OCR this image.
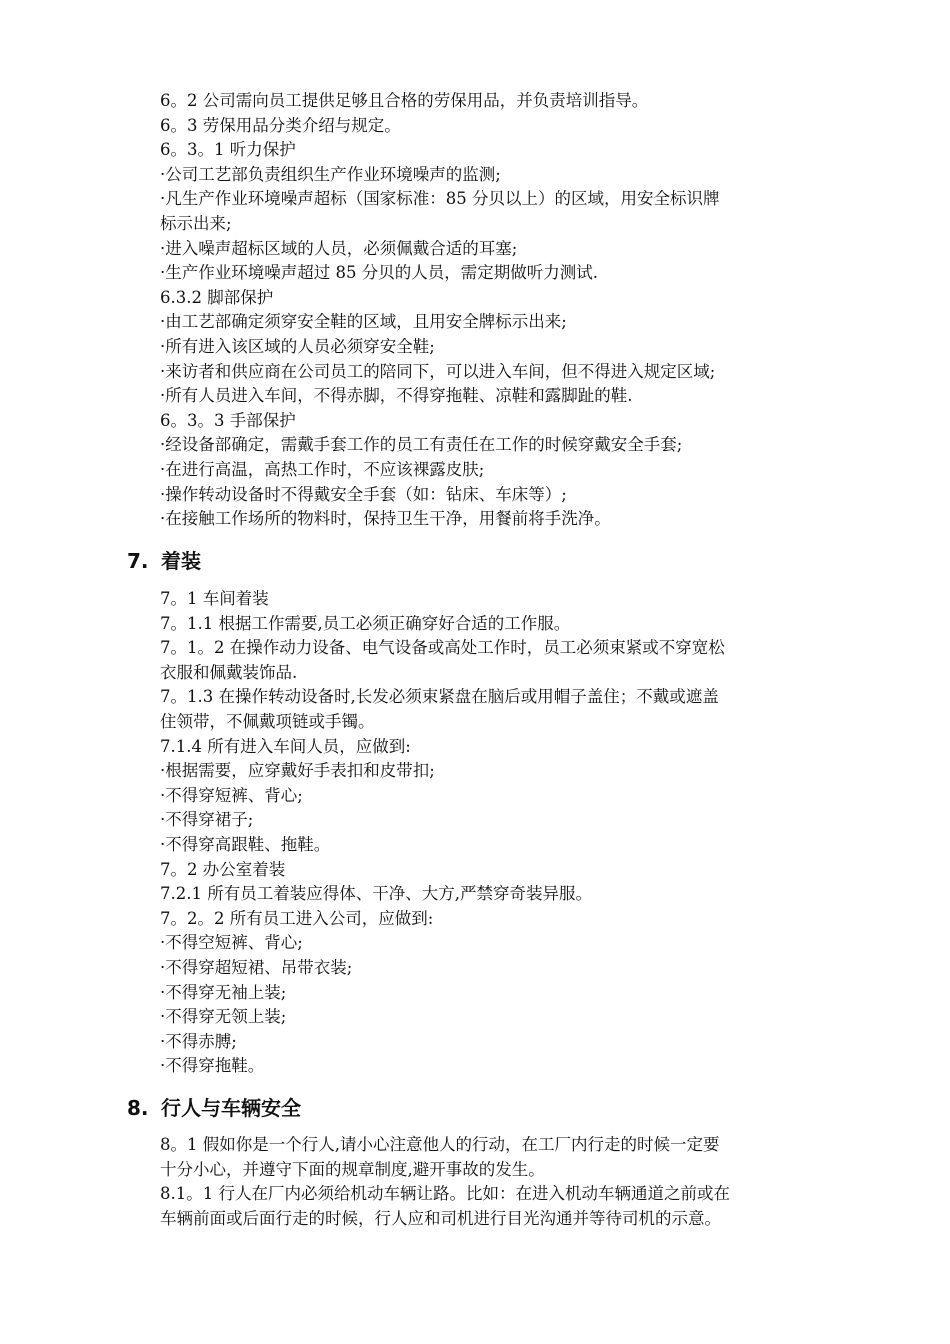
6。2 公司需向员工提供足够且合格的劳保用品，并负责培训指导。
6。3 劳保用品分类介绍与规定。
6。3。1 听力保护
·公司工艺部负责组织生产作业环境噪声的监测;
·凡生产作业环境噪声超标（国家标准：85 分贝以上）的区域，用安全标识牌
标示出来;
·进入噪声超标区域的人员，必须佩戴合适的耳塞;
·生产作业环境噪声超过 85 分贝的人员，需定期做听力测试.
6.3.2 脚部保护
·由工艺部确定须穿安全鞋的区域，且用安全牌标示出来;
·所有进入该区域的人员必须穿安全鞋;
·来访者和供应商在公司员工的陪同下，可以进入车间，但不得进入规定区域;
·所有人员进入车间，不得赤脚，不得穿拖鞋、凉鞋和露脚趾的鞋.
6。3。3 手部保护
·经设备部确定，需戴手套工作的员工有责任在工作的时候穿戴安全手套;
·在进行高温，高热工作时，不应该裸露皮肤;
·操作转动设备时不得戴安全手套（如：钻床、车床等）;
·在接触工作场所的物料时，保持卫生干净，用餐前将手洗净。
7. 着装
7。1 车间着装
7。1.1 根据工作需要,员工必须正确穿好合适的工作服。
7。1。2 在操作动力设备、电气设备或高处工作时，员工必须束紧或不穿宽松
衣服和佩戴装饰品.
7。1.3 在操作转动设备时,长发必须束紧盘在脑后或用帽子盖住；不戴或遮盖
住领带，不佩戴项链或手镯。
7.1.4 所有进入车间人员，应做到:
·根据需要，应穿戴好手表扣和皮带扣;
·不得穿短裤、背心;
·不得穿裙子;
·不得穿高跟鞋、拖鞋。
7。2 办公室着装
7.2.1 所有员工着装应得体、干净、大方,严禁穿奇装异服。
7。2。2 所有员工进入公司，应做到:
·不得空短裤、背心;
·不得穿超短裙、吊带衣装;
·不得穿无袖上装;
·不得穿无领上装;
·不得赤膊;
·不得穿拖鞋。
8. 行人与车辆安全
8。1 假如你是一个行人,请小心注意他人的行动，在工厂内行走的时候一定要
十分小心，并遵守下面的规章制度,避开事故的发生。
8.1。1 行人在厂内必须给机动车辆让路。比如：在进入机动车辆通道之前或在
车辆前面或后面行走的时候，行人应和司机进行目光沟通并等待司机的示意。
